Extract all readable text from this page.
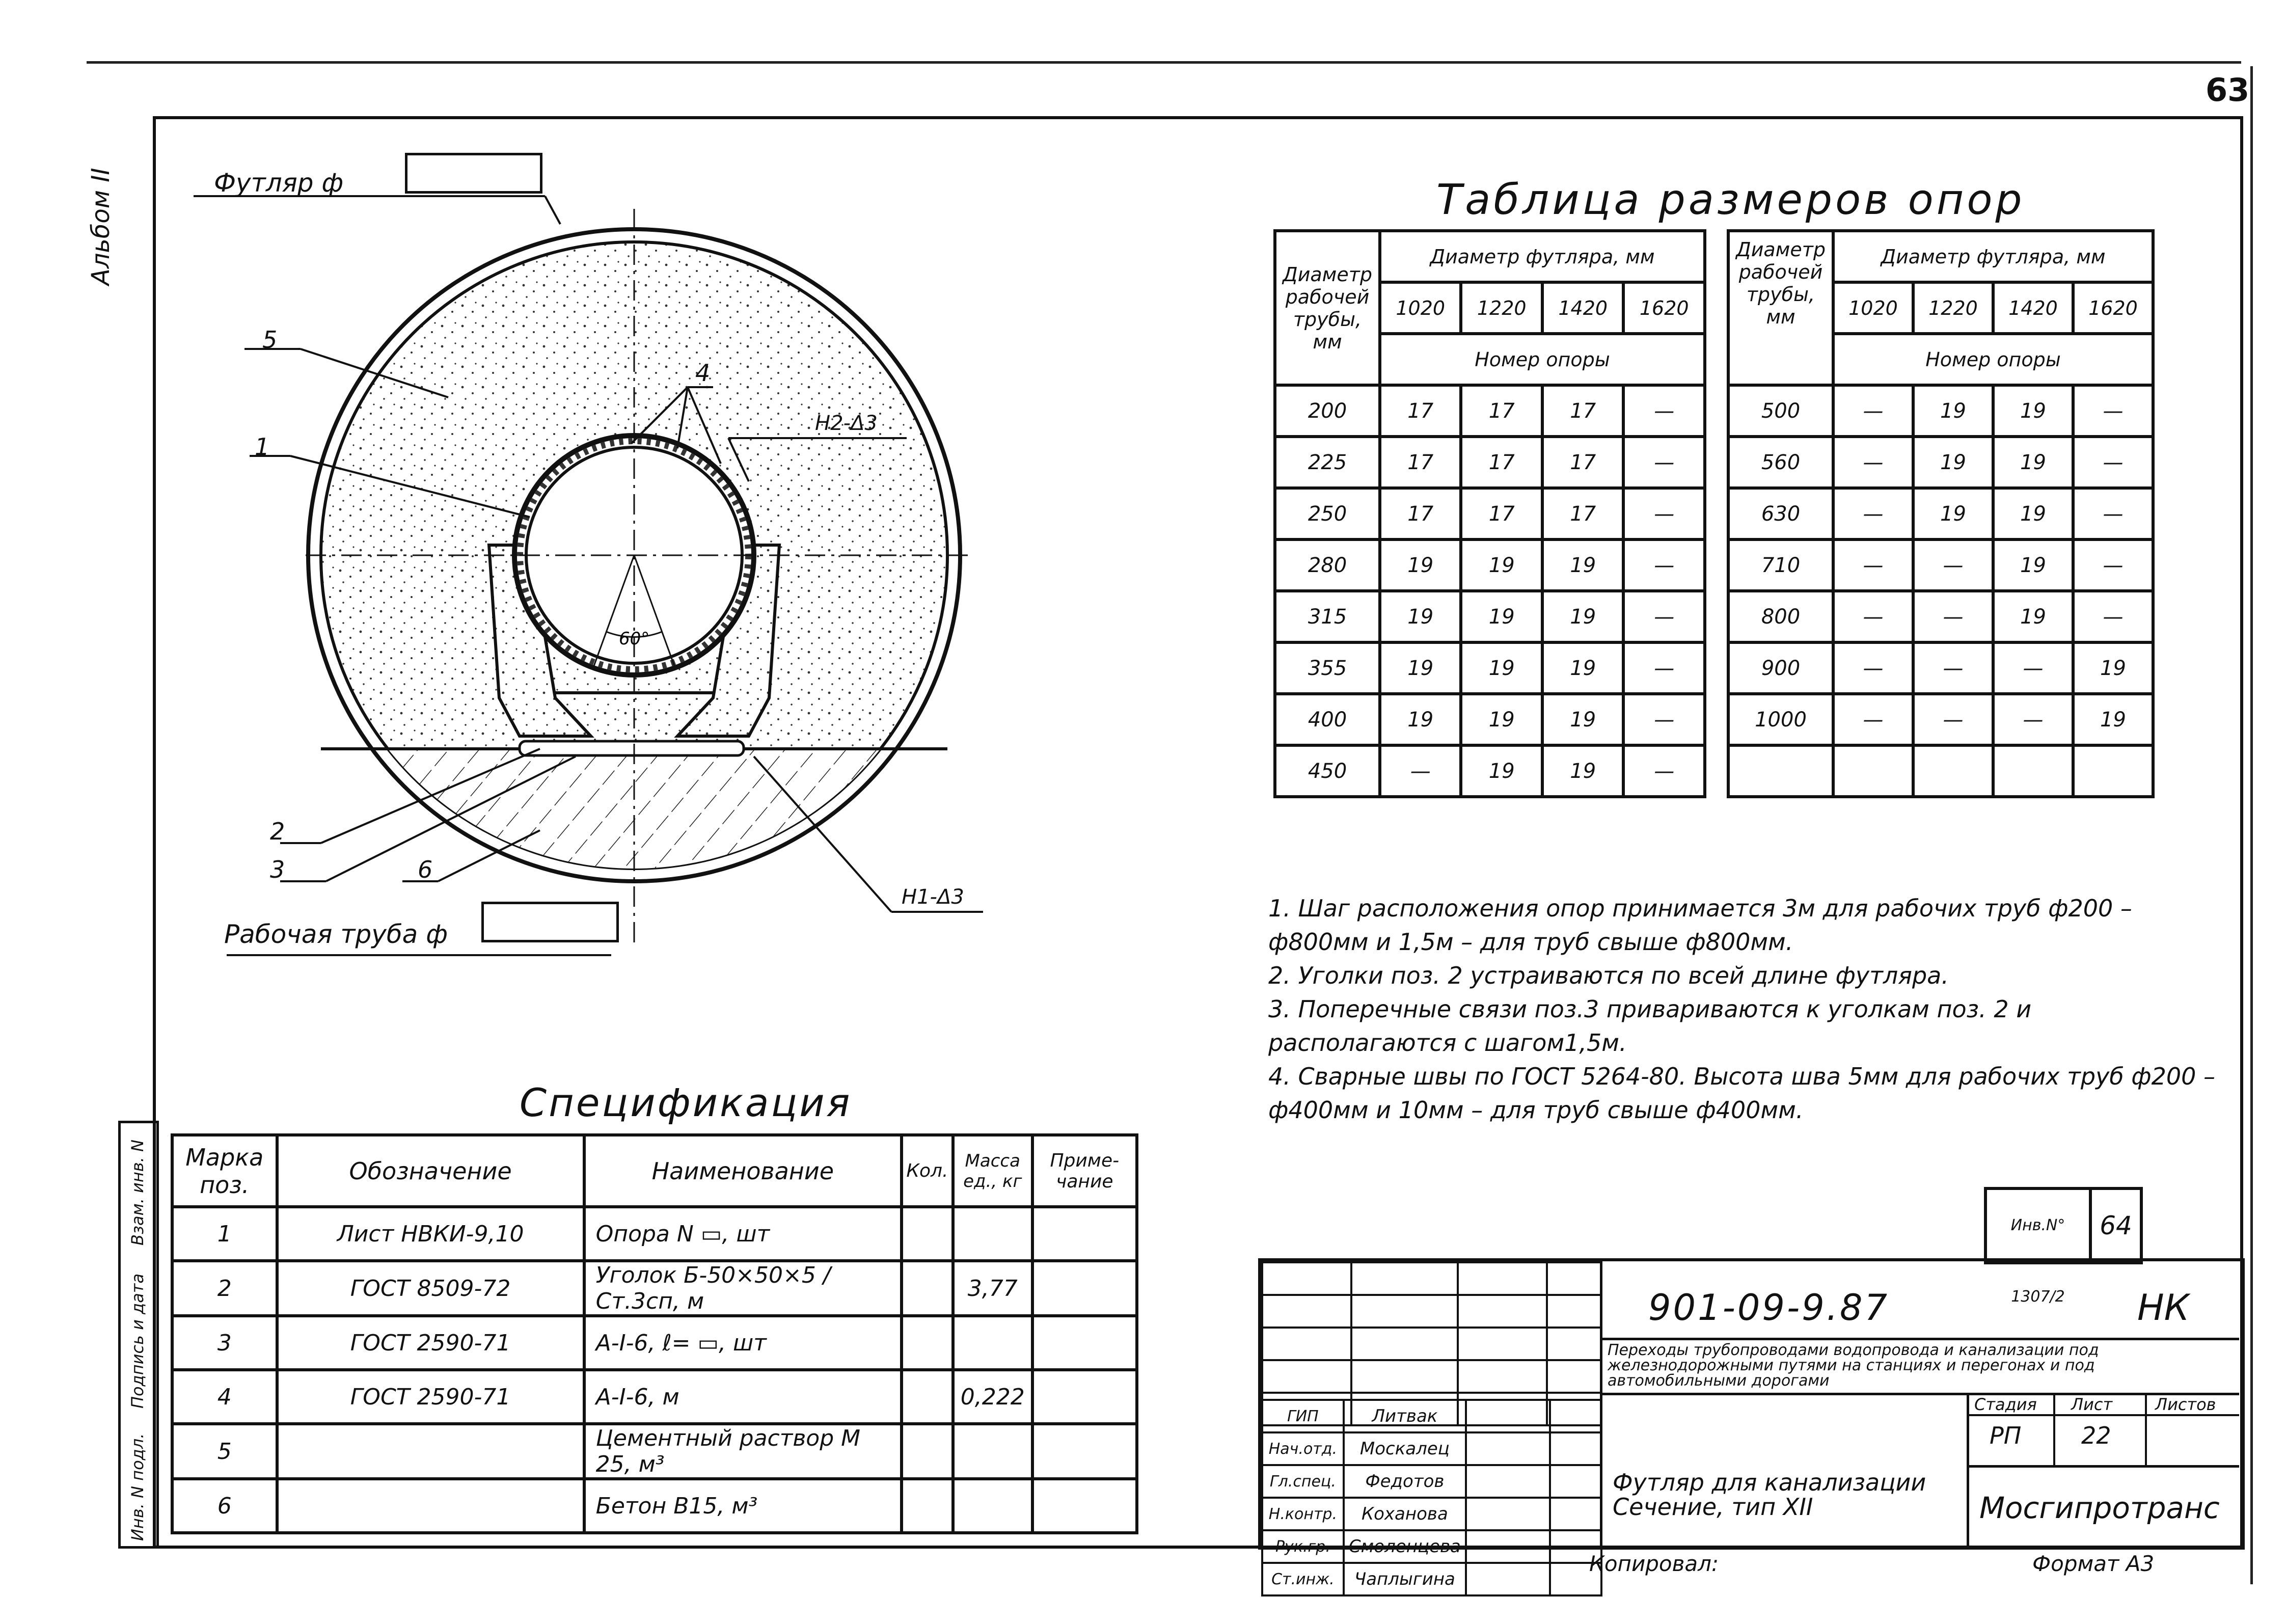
63
Альбом II
Инв. N подл.
Подпись и дата
Взам. инв. N
60°
Футляр ф
Рабочая труба ф
5
1
4
2
3	6
Н2-Δ3
Н1-Δ3
Таблица размеров опор
Диаметр рабочей трубы, мм	Диаметр футляра, мм			
	1020	1220	1420	1620
	Номер опоры			
200	17	17	17	—
225	17	17	17	—
250	17	17	17	—
280	19	19	19	—
315	19	19	19	—
355	19	19	19	—
400	19	19	19	—
450	—	19	19	—
Диаметр рабочей трубы, мм	Диаметр футляра, мм			
	1020	1220	1420	1620
	Номер опоры			
500	—	19	19	—
560	—	19	19	—
630	—	19	19	—
710	—	—	19	—
800	—	—	19	—
900	—	—	—	19
1000	—	—	—	19

1. Шаг расположения опор принимается 3м для рабочих труб ф200 – ф800мм и 1,5м – для труб свыше ф800мм.
2. Уголки поз. 2 устраиваются по всей длине футляра.
3. Поперечные связи поз.3 привариваются к уголкам поз. 2 и располагаются с шагом1,5м.
4. Сварные швы по ГОСТ 5264-80. Высота шва 5мм для рабочих труб ф200 – ф400мм и 10мм – для труб свыше ф400мм.
Спецификация
Марка поз.	Обозначение	Наименование	Кол.	Масса ед., кг	Приме- чание
1	Лист НВКИ-9,10	Опора N ▭, шт			
2	ГОСТ 8509-72	Уголок Б-50×50×5 / Ст.3сп, м		3,77	
3	ГОСТ 2590-71	А-I-6, ℓ= ▭, шт			
4	ГОСТ 2590-71	А-I-6, м		0,222	
5		Цементный раствор М 25, м³			
6		Бетон В15, м³			
Инв.N° 1307/2
64

ГИП	Литвак		
Нач.отд.	Москалец		
Гл.спец.	Федотов		
Н.контр.	Кохановa		
Рук.гр.	Смоленцева		
Ст.инж.	Чаплыгина		
901-09-9.87	НК
Переходы трубопроводами водопровода и канализации под железнодорожными путями на станциях и перегонах и под автомобильными дорогами
Футляр для канализации Сечение, тип XII
Стадия Лист	Листов
РП	22
Мосгипротранс
Копировал:	Формат А3
